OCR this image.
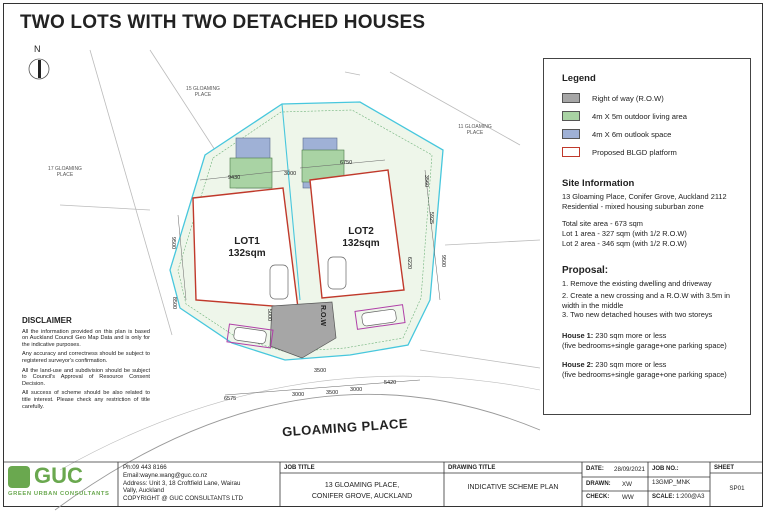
TWO LOTS WITH TWO DETACHED HOUSES
N
15 GLOAMING
PLACE
11 GLOAMING
PLACE
17 GLOAMING
PLACE
LOT1
132sqm
LOT2
132sqm
R.O.W
9430
3000
6750
3560
5925
9500
8500
5000
6220	9500
6575
3000
3500
3000
5420
3500
GLOAMING PLACE
Legend
Right of way (R.O.W)
4m X 5m outdoor living area
4m X 6m outlook space
Proposed BLGD platform
Site Information
13 Gloaming Place, Conifer Grove, Auckland 2112
Residential - mixed housing suburban zone
Total site area - 673 sqm
Lot 1 area - 327 sqm (with 1/2 R.O.W)
Lot 2 area - 346 sqm (with 1/2 R.O.W)
Proposal:
1. Remove the existing dwelling and driveway
2. Create a new crossing and a R.O.W with 3.5m in width in the middle
3. Two new detached houses with two storeys
House 1: 230 sqm more or less
(five bedrooms+single garage+one parking space)
House 2: 230 sqm more or less
(five bedrooms+single garage+one parking space)
DISCLAIMER

All the information provided on this plan is based on Auckland Council Geo Map Data and is only for the indicative purposes.

Any accuracy and correctness should be subject to registered surveyor's confirmation.

All the land-use and subdivision should be subject to Council's Approval of Resource Consent Decision.

All success of scheme should be also related to title interest. Please check any restriction of title carefully.

GUC
GREEN URBAN CONSULTANTS
Ph:09 443 8166
Email:wayne.wang@guc.co.nz
Address: Unit 3, 18 Croftfield Lane, Wairau
Vally, Auckland
COPYRIGHT @ GUC CONSULTANTS LTD
JOB TITLE
13 GLOAMING PLACE,
CONIFER GROVE, AUCKLAND
DRAWING TITLE
INDICATIVE SCHEME PLAN
DATE: 28/09/2021
DRAWN: XW
CHECK: WW
JOB NO.:
13GMP_MNK
SCALE: 1:200@A3
SHEET
SP01
